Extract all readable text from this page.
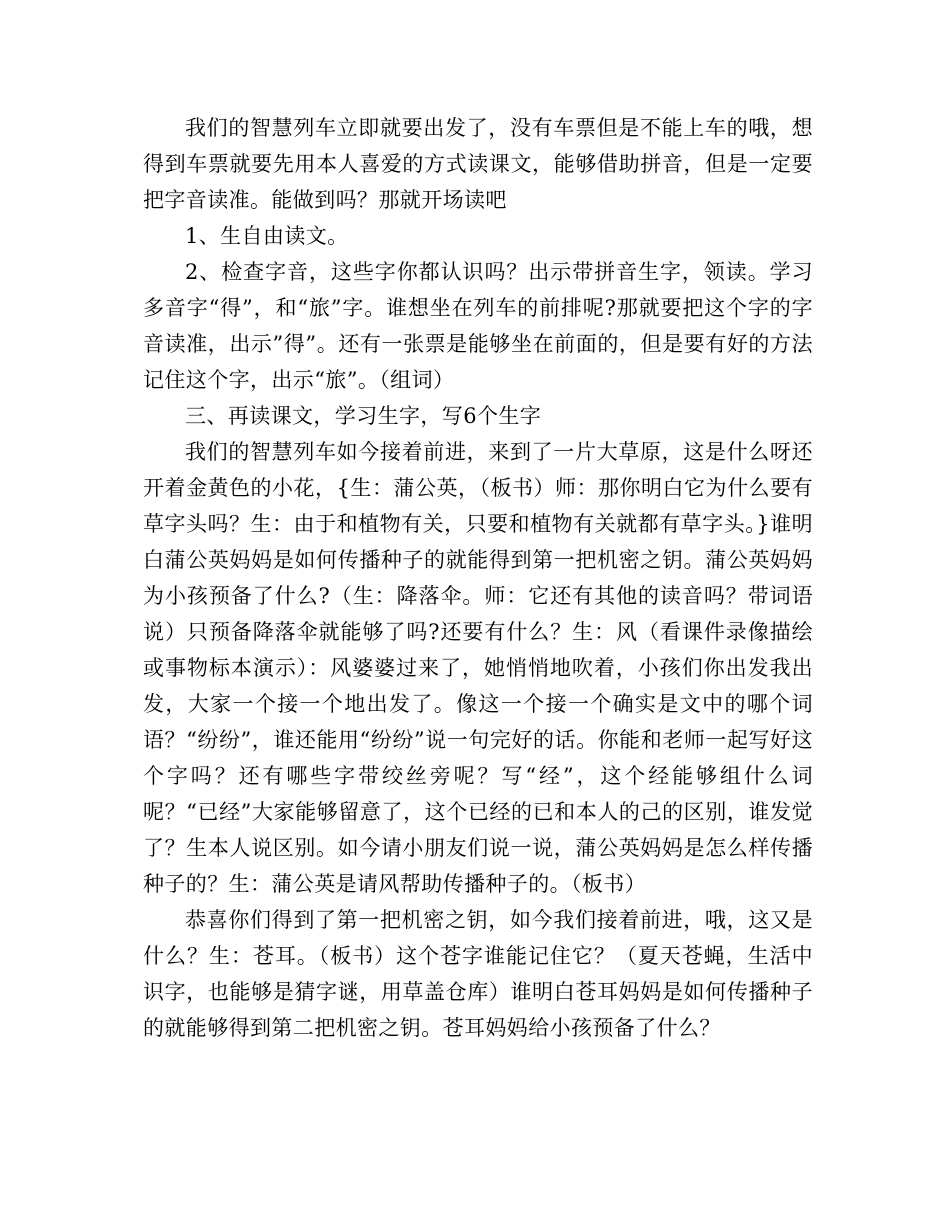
我们的智慧列车立即就要出发了，没有车票但是不能上车的哦，想得到车票就要先用本人喜爱的方式读课文，能够借助拼音，但是一定要把字音读准。能做到吗？那就开场读吧

1、生自由读文。

2、检查字音，这些字你都认识吗？出示带拼音生字，领读。学习多音字“得”，和“旅”字。谁想坐在列车的前排呢?那就要把这个字的字音读准，出示”得”。还有一张票是能够坐在前面的，但是要有好的方法记住这个字，出示“旅”。（组词）

三、再读课文，学习生字，写6个生字

我们的智慧列车如今接着前进，来到了一片大草原，这是什么呀还开着金黄色的小花，{生：蒲公英，（板书）师：那你明白它为什么要有草字头吗？生：由于和植物有关，只要和植物有关就都有草字头。}谁明白蒲公英妈妈是如何传播种子的就能得到第一把机密之钥。蒲公英妈妈为小孩预备了什么?（生：降落伞。师：它还有其他的读音吗？带词语说）只预备降落伞就能够了吗?还要有什么？生：风（看课件录像描绘或事物标本演示）：风婆婆过来了，她悄悄地吹着，小孩们你出发我出发，大家一个接一个地出发了。像这一个接一个确实是文中的哪个词语？“纷纷”，谁还能用“纷纷”说一句完好的话。你能和老师一起写好这个字吗？还有哪些字带绞丝旁呢？写“经”，这个经能够组什么词呢？“已经”大家能够留意了，这个已经的已和本人的己的区别，谁发觉了？生本人说区别。如今请小朋友们说一说，蒲公英妈妈是怎么样传播种子的？生：蒲公英是请风帮助传播种子的。（板书）

恭喜你们得到了第一把机密之钥，如今我们接着前进，哦，这又是什么？生：苍耳。（板书）这个苍字谁能记住它？（夏天苍蝇，生活中识字，也能够是猜字谜，用草盖仓库）谁明白苍耳妈妈是如何传播种子的就能够得到第二把机密之钥。苍耳妈妈给小孩预备了什么？
